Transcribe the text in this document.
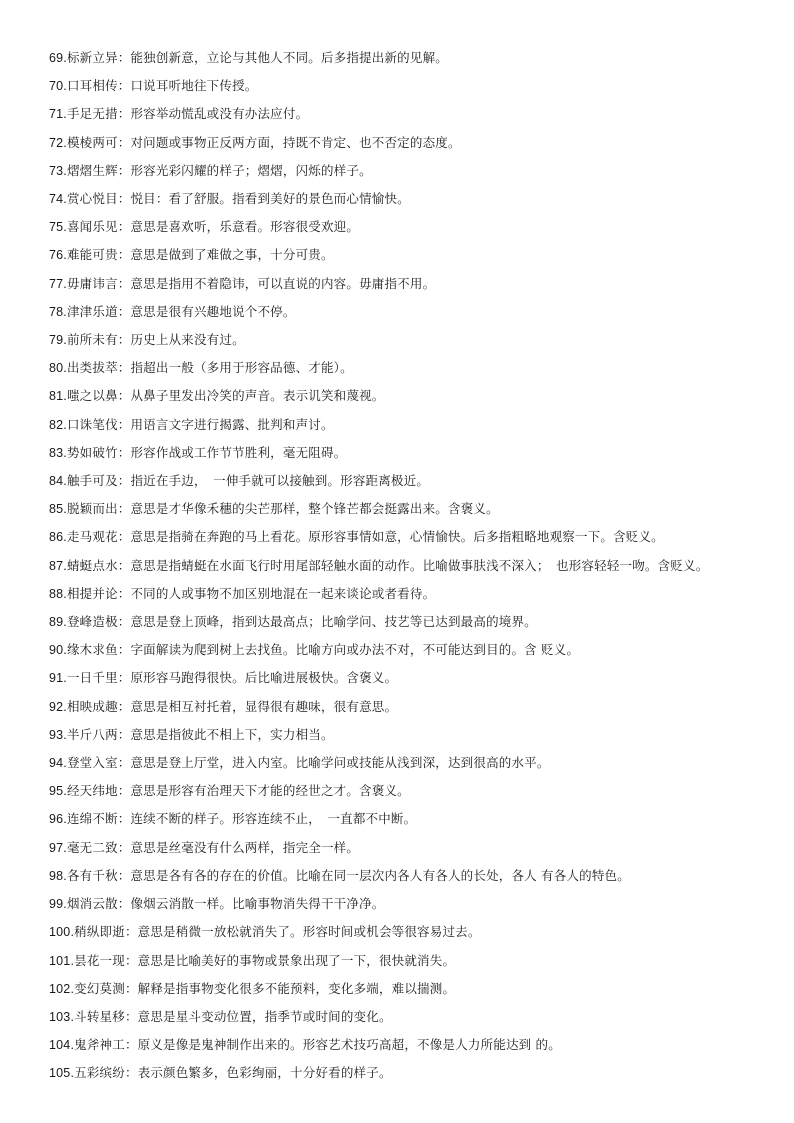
69.标新立异：能独创新意，立论与其他人不同。后多指提出新的见解。
70.口耳相传：口说耳听地往下传授。
71.手足无措：形容举动慌乱或没有办法应付。
72.模棱两可：对问题或事物正反两方面，持既不肯定、也不否定的态度。
73.熠熠生辉：形容光彩闪耀的样子；熠熠，闪烁的样子。
74.赏心悦目：悦目：看了舒服。指看到美好的景色而心情愉快。
75.喜闻乐见：意思是喜欢听，乐意看。形容很受欢迎。
76.难能可贵：意思是做到了难做之事，十分可贵。
77.毋庸讳言：意思是指用不着隐讳，可以直说的内容。毋庸指不用。
78.津津乐道：意思是很有兴趣地说个不停。
79.前所未有：历史上从来没有过。
80.出类拔萃：指超出一般（多用于形容品德、才能）。
81.嗤之以鼻：从鼻子里发出冷笑的声音。表示讥笑和蔑视。
82.口诛笔伐：用语言文字进行揭露、批判和声讨。
83.势如破竹：形容作战或工作节节胜利，毫无阻碍。
84.触手可及：指近在手边，　一伸手就可以接触到。形容距离极近。
85.脱颖而出：意思是才华像禾穗的尖芒那样，整个锋芒都会挺露出来。含褒义。
86.走马观花：意思是指骑在奔跑的马上看花。原形容事情如意，心情愉快。后多指粗略地观察一下。含贬义。
87.蜻蜓点水：意思是指蜻蜓在水面飞行时用尾部轻触水面的动作。比喻做事肤浅不深入；　也形容轻轻一吻。含贬义。
88.相提并论：不同的人或事物不加区别地混在一起来谈论或者看待。
89.登峰造极：意思是登上顶峰，指到达最高点；比喻学问、技艺等已达到最高的境界。
90.缘木求鱼：字面解读为爬到树上去找鱼。比喻方向或办法不对，不可能达到目的。含 贬义。
91.一日千里：原形容马跑得很快。后比喻进展极快。含褒义。
92.相映成趣：意思是相互衬托着，显得很有趣味，很有意思。
93.半斤八两：意思是指彼此不相上下，实力相当。
94.登堂入室：意思是登上厅堂，进入内室。比喻学问或技能从浅到深，达到很高的水平。
95.经天纬地：意思是形容有治理天下才能的经世之才。含褒义。
96.连绵不断：连续不断的样子。形容连续不止，　一直都不中断。
97.毫无二致：意思是丝毫没有什么两样，指完全一样。
98.各有千秋：意思是各有各的存在的价值。比喻在同一层次内各人有各人的长处，各人 有各人的特色。
99.烟消云散：像烟云消散一样。比喻事物消失得干干净净。
100.稍纵即逝：意思是稍微一放松就消失了。形容时间或机会等很容易过去。
101.昙花一现：意思是比喻美好的事物或景象出现了一下，很快就消失。
102.变幻莫测：解释是指事物变化很多不能预料，变化多端，难以揣测。
103.斗转星移：意思是星斗变动位置，指季节或时间的变化。
104.鬼斧神工：原义是像是鬼神制作出来的。形容艺术技巧高超，不像是人力所能达到 的。
105.五彩缤纷：表示颜色繁多，色彩绚丽，十分好看的样子。
